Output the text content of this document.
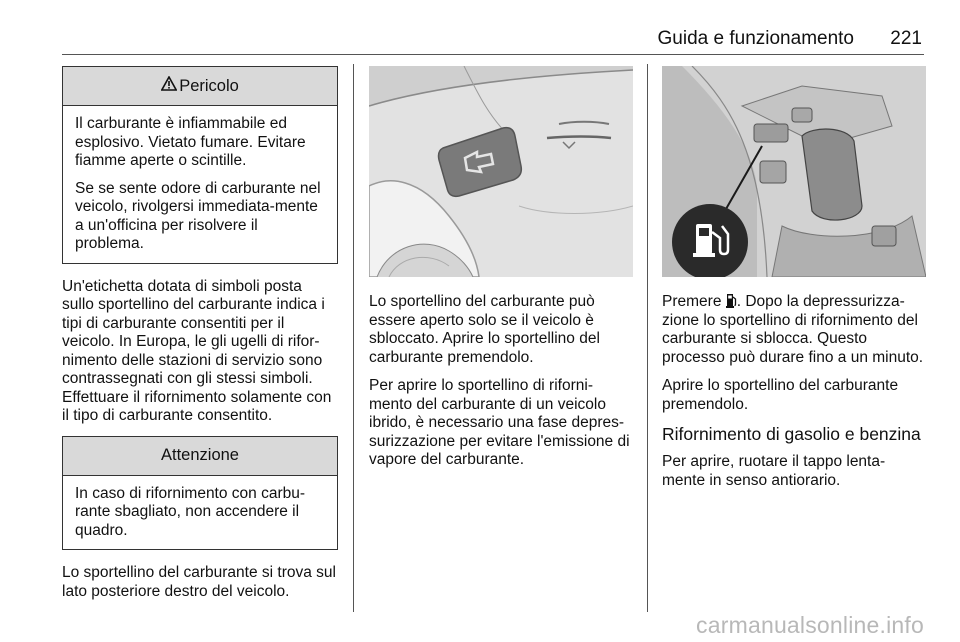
Guida e funzionamento 221
Pericolo

Il carburante è infiammabile ed esplosivo. Vietato fumare. Evitare fiamme aperte o scintille.

Se se sente odore di carburante nel veicolo, rivolgersi immediata-mente a un'officina per risolvere il problema.

Un'etichetta dotata di simboli posta sullo sportellino del carburante indica i tipi di carburante consentiti per il veicolo. In Europa, le gli ugelli di rifor-nimento delle stazioni di servizio sono contrassegnati con gli stessi simboli. Effettuare il rifornimento solamente con il tipo di carburante consentito.

Attenzione

In caso di rifornimento con carbu-rante sbagliato, non accendere il quadro.

Lo sportellino del carburante si trova sul lato posteriore destro del veicolo.

Lo sportellino del carburante può essere aperto solo se il veicolo è sbloccato. Aprire lo sportellino del carburante premendolo.

Per aprire lo sportellino di riforni-mento del carburante di un veicolo ibrido, è necessario una fase depres-surizzazione per evitare l'emissione di vapore del carburante.

Premere . Dopo la depressurizza-zione lo sportellino di rifornimento del carburante si sblocca. Questo processo può durare fino a un minuto.

Aprire lo sportellino del carburante premendolo.

Rifornimento di gasolio e benzina

Per aprire, ruotare il tappo lenta-mente in senso antiorario.

carmanualsonline.info
